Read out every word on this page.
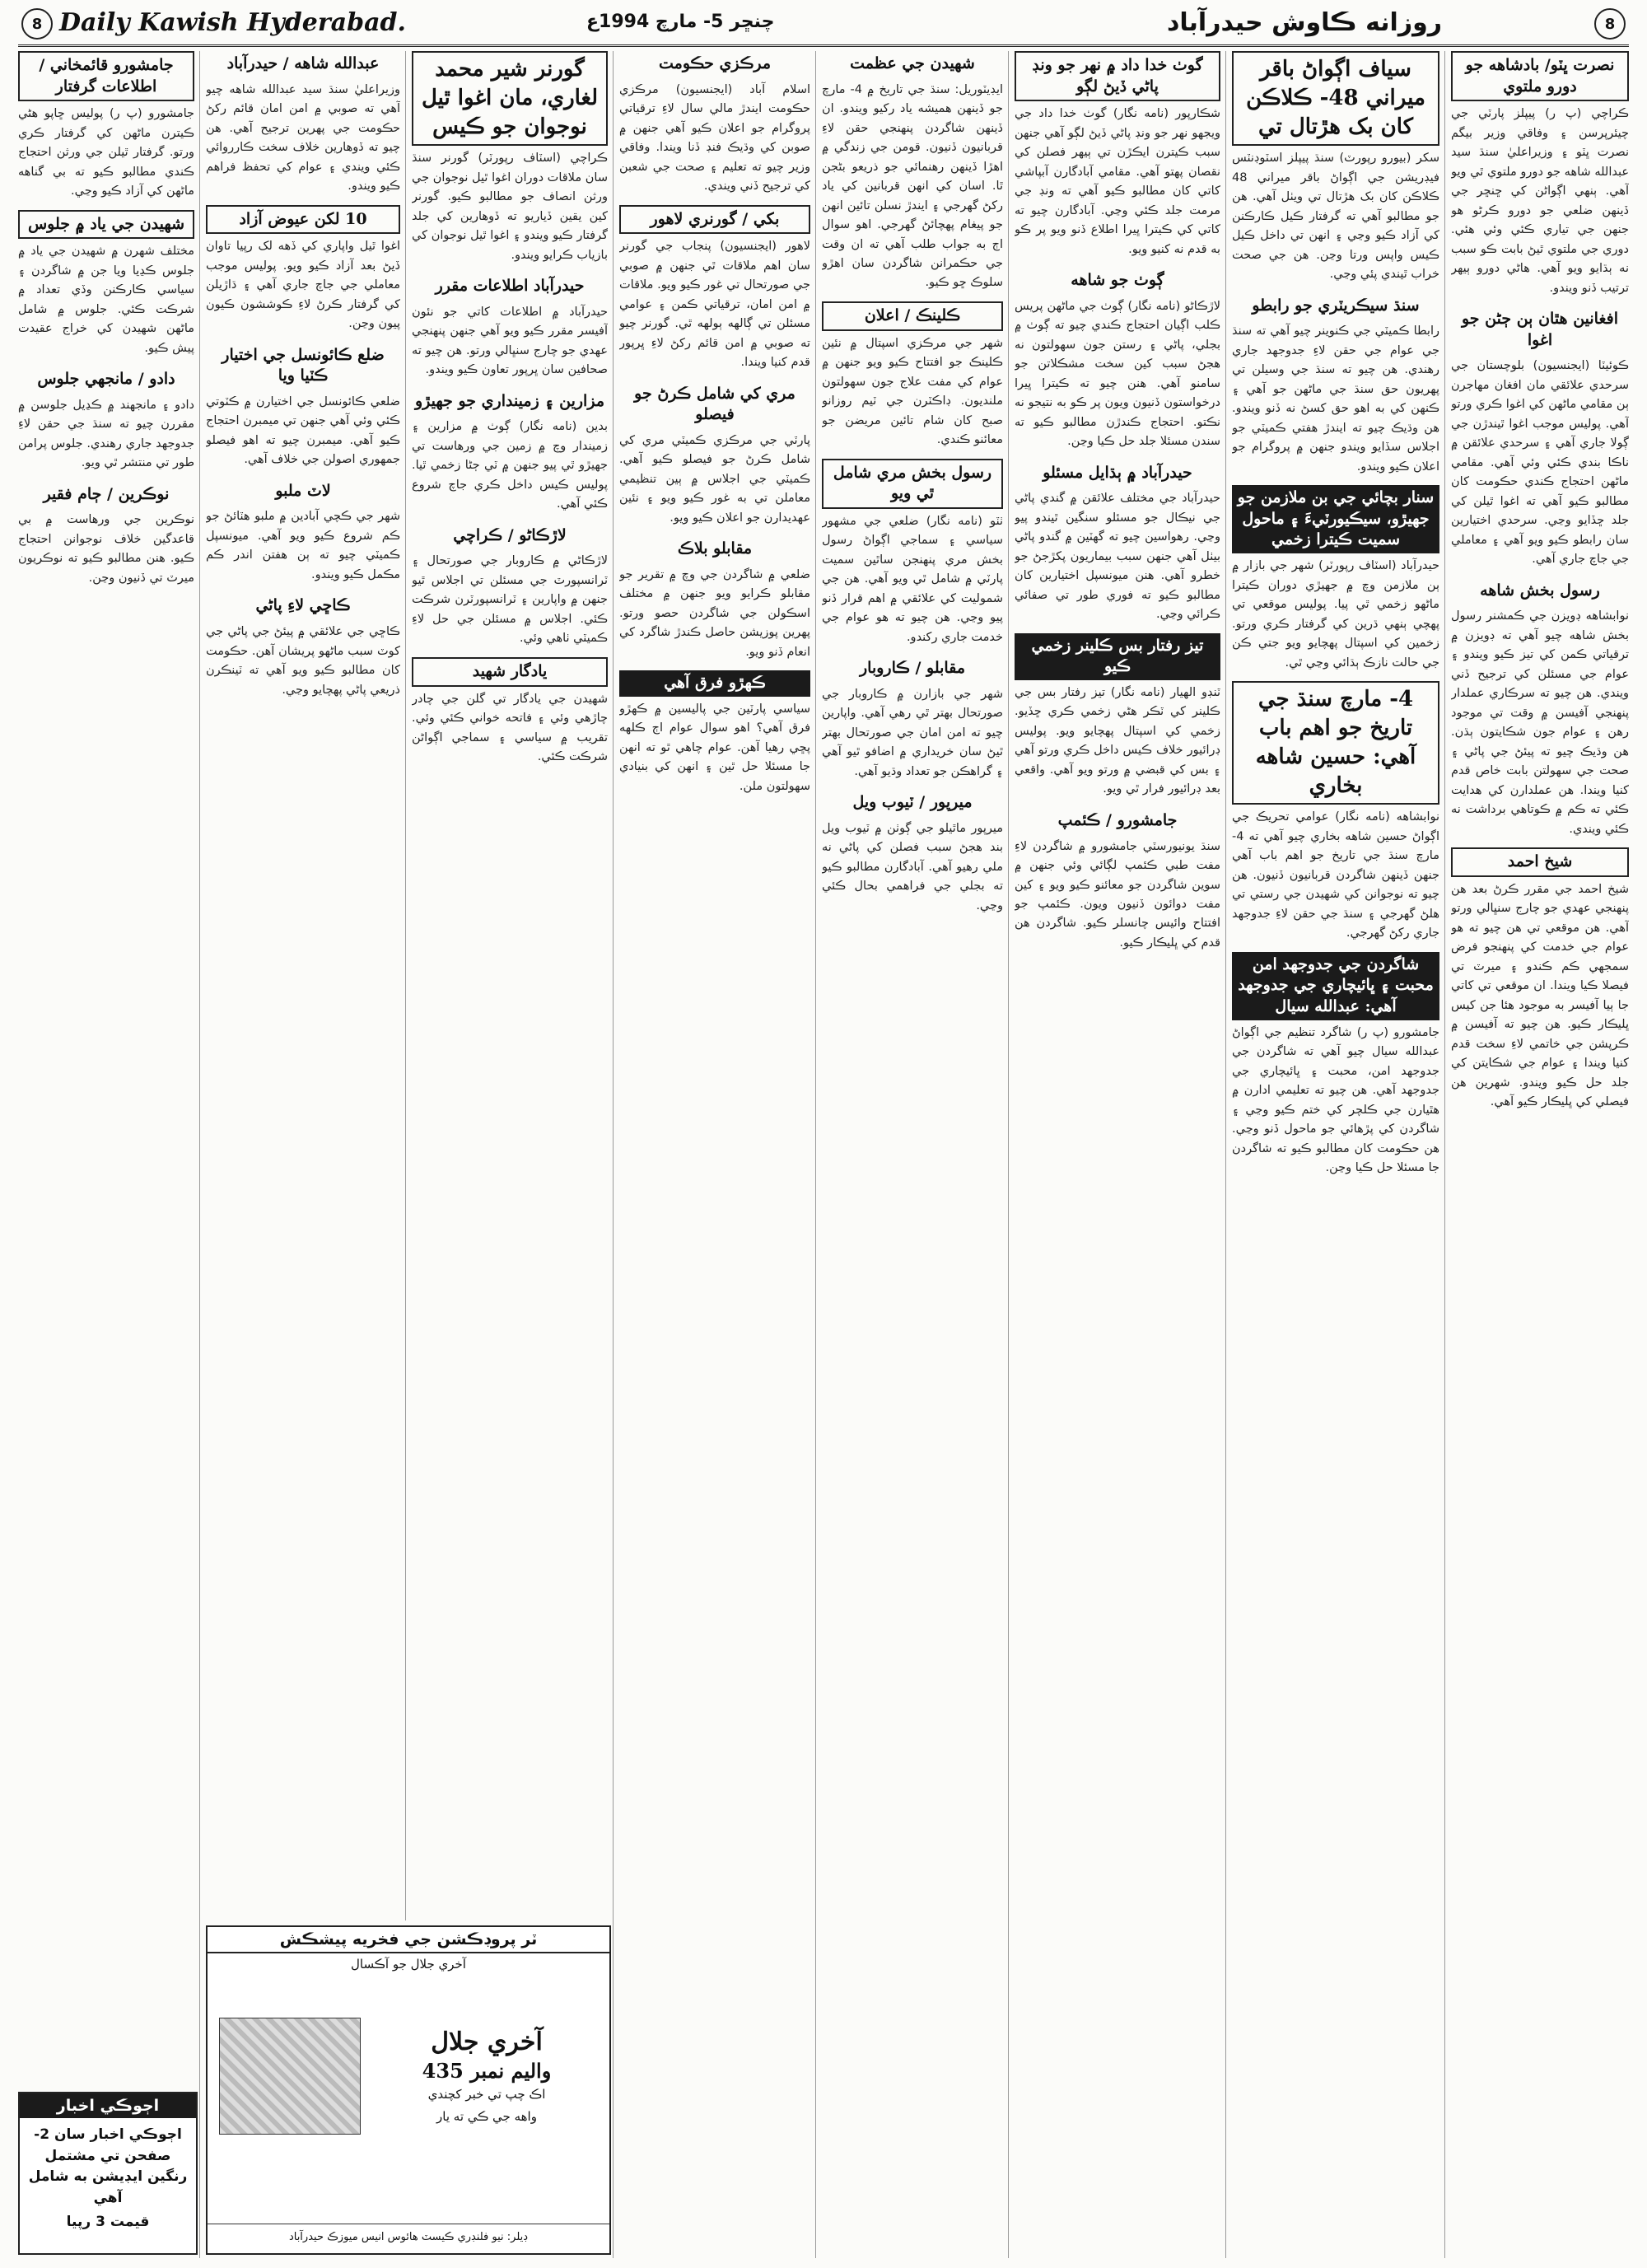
8 Daily Kawish Hyderabad.	چنڇر 5- مارچ 1994ع	روزانه ڪاوش حيدرآباد	8
نصرت ڀٽو/ بادشاهه جو دورو ملتوي
ڪراچي (پ ر) پيپلز پارٽي جي چيئرپرسن ۽ وفاقي وزير بيگم نصرت ڀٽو ۽ وزيراعليٰ سنڌ سيد عبدالله شاهه جو دورو ملتوي ٿي ويو آهي. ٻنهي اڳواڻن کي ڇنڇر جي ڏينهن ضلعي جو دورو ڪرڻو هو جنهن جي تياري ڪئي وئي هئي. دوري جي ملتوي ٿيڻ بابت ڪو سبب نه ٻڌايو ويو آهي. هاڻي دورو ٻيهر ترتيب ڏنو ويندو.
افغانين هٿان ٻن ڄڻن جو اغوا
ڪوئيٽا (ايجنسيون) بلوچستان جي سرحدي علائقي مان افغان مهاجرن ٻن مقامي ماڻهن کي اغوا ڪري ورتو آهي. پوليس موجب اغوا ٿيندڙن جي ڳولا جاري آهي ۽ سرحدي علائقن ۾ ناڪا بندي ڪئي وئي آهي. مقامي ماڻهن احتجاج ڪندي حڪومت کان مطالبو ڪيو آهي ته اغوا ٿيلن کي جلد ڇڏايو وڃي. سرحدي اختيارين سان رابطو ڪيو ويو آهي ۽ معاملي جي جاچ جاري آهي.
رسول بخش شاهه
نوابشاهه ڊويزن جي ڪمشنر رسول بخش شاهه چيو آهي ته ڊويزن ۾ ترقياتي ڪمن کي تيز ڪيو ويندو ۽ عوام جي مسئلن کي ترجيح ڏني ويندي. هن چيو ته سرڪاري عملدار پنهنجي آفيسن ۾ وقت تي موجود رهن ۽ عوام جون شڪايتون ٻڌن. هن وڌيڪ چيو ته پيئڻ جي پاڻي ۽ صحت جي سهولتن بابت خاص قدم کنيا ويندا. هن عملدارن کي هدايت ڪئي ته ڪم ۾ ڪوتاهي برداشت نه ڪئي ويندي.
شيخ احمد
شيخ احمد جي مقرر ڪرڻ بعد هن پنهنجي عهدي جو چارج سنڀالي ورتو آهي. هن موقعي تي هن چيو ته هو عوام جي خدمت کي پنهنجو فرض سمجهي ڪم ڪندو ۽ ميرٽ تي فيصلا ڪيا ويندا. ان موقعي تي کاتي جا ٻيا آفيسر به موجود هئا جن کيس ڀليڪار ڪيو. هن چيو ته آفيسن ۾ ڪرپشن جي خاتمي لاءِ سخت قدم کنيا ويندا ۽ عوام جي شڪايتن کي جلد حل ڪيو ويندو. شهرين هن فيصلي کي ڀليڪار ڪيو آهي.
سياف اڳواڻ باقر ميراني 48- ڪلاڪن کان بک هڙتال تي
سکر (بيورو رپورٽ) سنڌ پيپلز اسٽوڊنٽس فيڊريشن جي اڳواڻ باقر ميراني 48 ڪلاڪن کان بک هڙتال تي ويٺل آهي. هن جو مطالبو آهي ته گرفتار ڪيل ڪارڪنن کي آزاد ڪيو وڃي ۽ انهن تي داخل ڪيل ڪيس واپس ورتا وڃن. هن جي صحت خراب ٿيندي پئي وڃي.
سنڌ سيڪريٽري جو رابطو
رابطا ڪميٽي جي ڪنوينر چيو آهي ته سنڌ جي عوام جي حقن لاءِ جدوجهد جاري رهندي. هن چيو ته سنڌ جي وسيلن تي پهريون حق سنڌ جي ماڻهن جو آهي ۽ ڪنهن کي به اهو حق کسڻ نه ڏنو ويندو. هن وڌيڪ چيو ته ايندڙ هفتي ڪميٽي جو اجلاس سڏايو ويندو جنهن ۾ پروگرام جو اعلان ڪيو ويندو.
سنار بچائي جي بن ملازمن جو جهيڙو، سيڪيورٽيءَ ۽ ماحول سميت ڪيترا زخمي
حيدرآباد (اسٽاف رپورٽر) شهر جي بازار ۾ ٻن ملازمن وچ ۾ جهيڙي دوران ڪيترا ماڻهو زخمي ٿي پيا. پوليس موقعي تي پهچي ٻنهي ڌرين کي گرفتار ڪري ورتو. زخمين کي اسپتال پهچايو ويو جتي ڪن جي حالت نازڪ ٻڌائي وڃي ٿي.
4- مارچ سنڌ جي تاريخ جو اهم باب آهي: حسين شاهه بخاري
نوابشاهه (نامه نگار) عوامي تحريڪ جي اڳواڻ حسين شاهه بخاري چيو آهي ته 4- مارچ سنڌ جي تاريخ جو اهم باب آهي جنهن ڏينهن شاگردن قربانيون ڏنيون. هن چيو ته نوجوانن کي شهيدن جي رستي تي هلڻ گهرجي ۽ سنڌ جي حقن لاءِ جدوجهد جاري رکڻ گهرجي.
شاگردن جي جدوجهد امن محبت ۽ ڀائيچاري جي جدوجهد آهي: عبدالله سيال
جامشورو (پ ر) شاگرد تنظيم جي اڳواڻ عبدالله سيال چيو آهي ته شاگردن جي جدوجهد امن، محبت ۽ ڀائيچاري جي جدوجهد آهي. هن چيو ته تعليمي ادارن ۾ هٿيارن جي ڪلچر کي ختم ڪيو وڃي ۽ شاگردن کي پڙهائي جو ماحول ڏنو وڃي. هن حڪومت کان مطالبو ڪيو ته شاگردن جا مسئلا حل ڪيا وڃن.
گوٺ خدا داد ۾ نهر جو ونڊ پاڻي ڏيڻ لڳو
شڪارپور (نامه نگار) گوٺ خدا داد جي ويجهو نهر جو ونڊ پاڻي ڏيڻ لڳو آهي جنهن سبب ڪيترن ايڪڙن تي ٻيهر فصلن کي نقصان پهتو آهي. مقامي آبادگارن آبپاشي کاتي کان مطالبو ڪيو آهي ته ونڊ جي مرمت جلد ڪئي وڃي. آبادگارن چيو ته کاتي کي ڪيترا ڀيرا اطلاع ڏنو ويو پر ڪو به قدم نه کنيو ويو.
ڳوٺ جو شاهه
لاڙڪاڻو (نامه نگار) ڳوٺ جي ماڻهن پريس ڪلب اڳيان احتجاج ڪندي چيو ته ڳوٺ ۾ بجلي، پاڻي ۽ رستن جون سهولتون نه هجڻ سبب کين سخت مشڪلاتن جو سامنو آهي. هنن چيو ته ڪيترا ڀيرا درخواستون ڏنيون ويون پر ڪو به نتيجو نه نڪتو. احتجاج ڪندڙن مطالبو ڪيو ته سندن مسئلا جلد حل ڪيا وڃن.
حيدرآباد ۾ ٻڌايل مسئلو
حيدرآباد جي مختلف علائقن ۾ گندي پاڻي جي نيڪال جو مسئلو سنگين ٿيندو پيو وڃي. رهواسين چيو ته گهٽين ۾ گندو پاڻي بيٺل آهي جنهن سبب بيماريون پکڙجڻ جو خطرو آهي. هنن ميونسپل اختيارين کان مطالبو ڪيو ته فوري طور تي صفائي ڪرائي وڃي.
تيز رفتار بس ڪلينر زخمي ڪيو
ٽنڊو الهيار (نامه نگار) تيز رفتار بس جي ڪلينر کي ٽڪر هڻي زخمي ڪري ڇڏيو. زخمي کي اسپتال پهچايو ويو. پوليس ڊرائيور خلاف ڪيس داخل ڪري ورتو آهي ۽ بس کي قبضي ۾ ورتو ويو آهي. واقعي بعد ڊرائيور فرار ٿي ويو.
جامشورو / ڪئمپ
سنڌ يونيورسٽي جامشورو ۾ شاگردن لاءِ مفت طبي ڪئمپ لڳائي وئي جنهن ۾ سوين شاگردن جو معائنو ڪيو ويو ۽ کين مفت دوائون ڏنيون ويون. ڪئمپ جو افتتاح وائيس چانسلر ڪيو. شاگردن هن قدم کي ڀليڪار ڪيو.
شهيدن جي عظمت
ايڊيٽوريل: سنڌ جي تاريخ ۾ 4- مارچ جو ڏينهن هميشه ياد رکيو ويندو. ان ڏينهن شاگردن پنهنجي حقن لاءِ قربانيون ڏنيون. قومن جي زندگي ۾ اهڙا ڏينهن رهنمائي جو ذريعو بڻجن ٿا. اسان کي انهن قربانين کي ياد رکڻ گهرجي ۽ ايندڙ نسلن تائين انهن جو پيغام پهچائڻ گهرجي. اهو سوال اڄ به جواب طلب آهي ته ان وقت جي حڪمرانن شاگردن سان اهڙو سلوڪ ڇو ڪيو.
ڪلينڪ / اعلان
شهر جي مرڪزي اسپتال ۾ نئين ڪلينڪ جو افتتاح ڪيو ويو جنهن ۾ عوام کي مفت علاج جون سهولتون ملنديون. ڊاڪٽرن جي ٽيم روزانو صبح کان شام تائين مريضن جو معائنو ڪندي.
رسول بخش مري شامل ٿي ويو
ٺٽو (نامه نگار) ضلعي جي مشهور سياسي ۽ سماجي اڳواڻ رسول بخش مري پنهنجن ساٿين سميت پارٽي ۾ شامل ٿي ويو آهي. هن جي شموليت کي علائقي ۾ اهم قرار ڏنو پيو وڃي. هن چيو ته هو عوام جي خدمت جاري رکندو.
مقابلو / ڪاروبار
شهر جي بازارن ۾ ڪاروبار جي صورتحال بهتر ٿي رهي آهي. واپارين چيو ته امن امان جي صورتحال بهتر ٿيڻ سان خريداري ۾ اضافو ٿيو آهي ۽ گراهڪن جو تعداد وڌيو آهي.
ميرپور / ٽيوب ويل
ميرپور ماٿيلو جي ڳوٺن ۾ ٽيوب ويل بند هجڻ سبب فصلن کي پاڻي نه ملي رهيو آهي. آبادگارن مطالبو ڪيو ته بجلي جي فراهمي بحال ڪئي وڃي.
مرڪزي حڪومت
اسلام آباد (ايجنسيون) مرڪزي حڪومت ايندڙ مالي سال لاءِ ترقياتي پروگرام جو اعلان ڪيو آهي جنهن ۾ صوبن کي وڌيڪ فنڊ ڏنا ويندا. وفاقي وزير چيو ته تعليم ۽ صحت جي شعبن کي ترجيح ڏني ويندي.
بکي / گورنري لاهور
لاهور (ايجنسيون) پنجاب جي گورنر سان اهم ملاقات ٿي جنهن ۾ صوبي جي صورتحال تي غور ڪيو ويو. ملاقات ۾ امن امان، ترقياتي ڪمن ۽ عوامي مسئلن تي ڳالهه ٻولهه ٿي. گورنر چيو ته صوبي ۾ امن قائم رکڻ لاءِ ڀرپور قدم کنيا ويندا.
مري کي شامل ڪرڻ جو فيصلو
پارٽي جي مرڪزي ڪميٽي مري کي شامل ڪرڻ جو فيصلو ڪيو آهي. ڪميٽي جي اجلاس ۾ ٻين تنظيمي معاملن تي به غور ڪيو ويو ۽ نئين عهديدارن جو اعلان ڪيو ويو.
مقابلو بلاڪ
ضلعي ۾ شاگردن جي وچ ۾ تقرير جو مقابلو ڪرايو ويو جنهن ۾ مختلف اسڪولن جي شاگردن حصو ورتو. پهرين پوزيشن حاصل ڪندڙ شاگرد کي انعام ڏنو ويو.
ڪهڙو فرق آهي
سياسي پارٽين جي پاليسين ۾ ڪهڙو فرق آهي؟ اهو سوال عوام اڄ ڪلهه پڇي رهيا آهن. عوام چاهي ٿو ته انهن جا مسئلا حل ٿين ۽ انهن کي بنيادي سهولتون ملن.
گورنر شير محمد لغاري، مان اغوا ٿيل نوجوان جو ڪيس
ڪراچي (اسٽاف رپورٽر) گورنر سنڌ سان ملاقات دوران اغوا ٿيل نوجوان جي ورثن انصاف جو مطالبو ڪيو. گورنر کين يقين ڏياريو ته ڏوهارين کي جلد گرفتار ڪيو ويندو ۽ اغوا ٿيل نوجوان کي بازياب ڪرايو ويندو.
حيدرآباد اطلاعات مقرر
حيدرآباد ۾ اطلاعات کاتي جو نئون آفيسر مقرر ڪيو ويو آهي جنهن پنهنجي عهدي جو چارج سنڀالي ورتو. هن چيو ته صحافين سان ڀرپور تعاون ڪيو ويندو.
مزارين ۽ زمينداري جو جهيڙو
بدين (نامه نگار) ڳوٺ ۾ مزارين ۽ زميندار وچ ۾ زمين جي ورهاست تي جهيڙو ٿي پيو جنهن ۾ ٽي ڄڻا زخمي ٿيا. پوليس ڪيس داخل ڪري جاچ شروع ڪئي آهي.
لاڙڪاڻو / ڪراچي
لاڙڪاڻي ۾ ڪاروبار جي صورتحال ۽ ٽرانسپورٽ جي مسئلن تي اجلاس ٿيو جنهن ۾ واپارين ۽ ٽرانسپورٽرن شرڪت ڪئي. اجلاس ۾ مسئلن جي حل لاءِ ڪميٽي ٺاهي وئي.
يادگار شهيد
شهيدن جي يادگار تي گلن جي چادر چاڙهي وئي ۽ فاتحه خواني ڪئي وئي. تقريب ۾ سياسي ۽ سماجي اڳواڻن شرڪت ڪئي.
عبدالله شاهه / حيدرآباد
وزيراعليٰ سنڌ سيد عبدالله شاهه چيو آهي ته صوبي ۾ امن امان قائم رکڻ حڪومت جي پهرين ترجيح آهي. هن چيو ته ڏوهارين خلاف سخت ڪارروائي ڪئي ويندي ۽ عوام کي تحفظ فراهم ڪيو ويندو.
10 لکن عيوض آزاد
اغوا ٿيل واپاري کي ڏهه لک رپيا تاوان ڏيڻ بعد آزاد ڪيو ويو. پوليس موجب معاملي جي جاچ جاري آهي ۽ ڌاڙيلن کي گرفتار ڪرڻ لاءِ ڪوششون ڪيون پيون وڃن.
ضلع ڪائونسل جي اختيار ڪٽيا ويا
ضلعي ڪائونسل جي اختيارن ۾ ڪٽوتي ڪئي وئي آهي جنهن تي ميمبرن احتجاج ڪيو آهي. ميمبرن چيو ته اهو فيصلو جمهوري اصولن جي خلاف آهي.
لاٽ ملبو
شهر جي ڪچي آبادين ۾ ملبو هٽائڻ جو ڪم شروع ڪيو ويو آهي. ميونسپل ڪميٽي چيو ته ٻن هفتن اندر ڪم مڪمل ڪيو ويندو.
ڪاڇي لاءِ پاڻي
ڪاڇي جي علائقي ۾ پيئڻ جي پاڻي جي کوٽ سبب ماڻهو پريشان آهن. حڪومت کان مطالبو ڪيو ويو آهي ته ٽينڪرن ذريعي پاڻي پهچايو وڃي.
جامشورو قائمخاني / اطلاعات گرفتار
جامشورو (پ ر) پوليس ڇاپو هڻي ڪيترن ماڻهن کي گرفتار ڪري ورتو. گرفتار ٿيلن جي ورثن احتجاج ڪندي مطالبو ڪيو ته بي گناهه ماڻهن کي آزاد ڪيو وڃي.
شهيدن جي ياد ۾ جلوس
مختلف شهرن ۾ شهيدن جي ياد ۾ جلوس ڪڍيا ويا جن ۾ شاگردن ۽ سياسي ڪارڪنن وڏي تعداد ۾ شرڪت ڪئي. جلوس ۾ شامل ماڻهن شهيدن کي خراج عقيدت پيش ڪيو.
دادو / مانجهي جلوس
دادو ۽ مانجهند ۾ ڪڍيل جلوسن ۾ مقررن چيو ته سنڌ جي حقن لاءِ جدوجهد جاري رهندي. جلوس پرامن طور تي منتشر ٿي ويو.
نوڪرين / ڄام فقير
نوڪرين جي ورهاست ۾ بي قاعدگين خلاف نوجوانن احتجاج ڪيو. هنن مطالبو ڪيو ته نوڪريون ميرٽ تي ڏنيون وڃن.
ٽر پروڊڪشن جي فخريه پيشڪش
آخري جلال جو آڪسال
آخري جلال
واليم نمبر 435
اڪ چپ تي خبر کچندي
واهه جي ڪي ته يار
ڊيلر: نيو فلنڊري ڪيسٽ هائوس انيس ميوزڪ حيدرآباد
اڄوڪي اخبار
اڄوڪي اخبار سان 2- صفحن تي مشتمل رنگين ايڊيشن به شامل آهي
قيمت 3 رپيا
